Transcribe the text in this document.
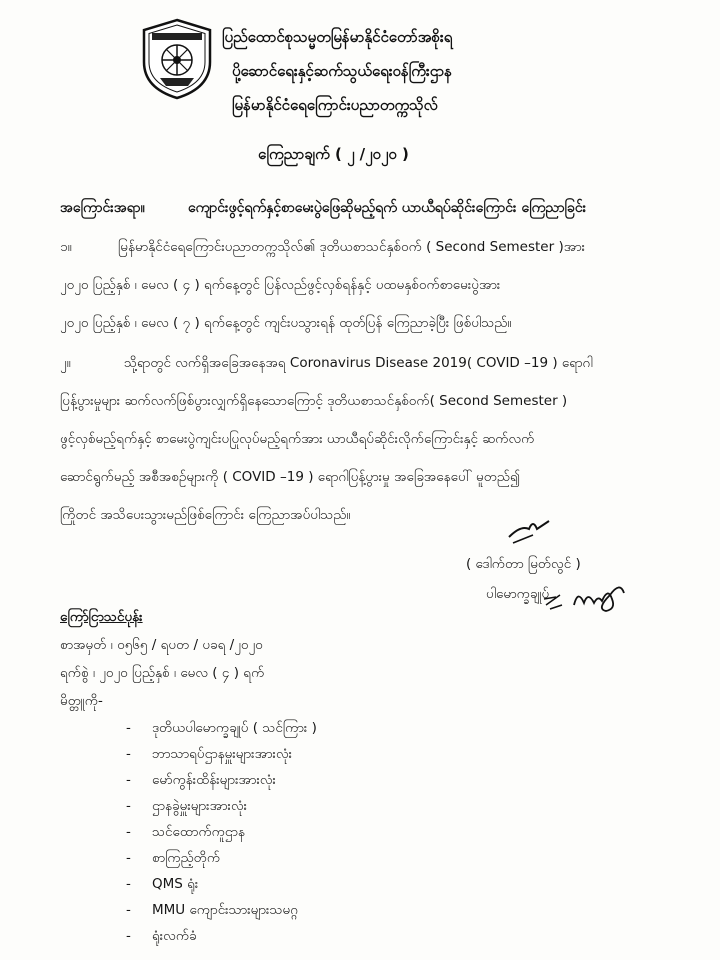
ပြည်ထောင်စုသမ္မတမြန်မာနိုင်ငံတော်အစိုးရ
ပို့ဆောင်ရေးနှင့်ဆက်သွယ်ရေးဝန်ကြီးဌာန
မြန်မာနိုင်ငံရေကြောင်းပညာတက္ကသိုလ်
ကြေညာချက် ( ၂ /၂၀၂၀ )
အကြောင်းအရာ။	ကျောင်းဖွင့်ရက်နှင့်စာမေးပွဲဖြေဆိုမည့်ရက် ယာယီရပ်ဆိုင်းကြောင်း ကြေညာခြင်း
၁။	မြန်မာနိုင်ငံရေကြောင်းပညာတက္ကသိုလ်၏ ဒုတိယစာသင်နှစ်ဝက် ( Second Semester )အား
၂၀၂၀ ပြည့်နှစ် ၊ မေလ ( ၄ ) ရက်နေ့တွင် ပြန်လည်ဖွင့်လှစ်ရန်နှင့် ပထမနှစ်ဝက်စာမေးပွဲအား
၂၀၂၀ ပြည့်နှစ် ၊ မေလ ( ၇ ) ရက်နေ့တွင် ကျင်းပသွားရန် ထုတ်ပြန် ကြေညာခဲ့ပြီး ဖြစ်ပါသည်။
၂။	သို့ရာတွင် လက်ရှိအခြေအနေအရ Coronavirus Disease 2019( COVID –19 ) ရောဂါ
ပြန့်ပွားမှုများ ဆက်လက်ဖြစ်ပွားလျှက်ရှိနေသောကြောင့် ဒုတိယစာသင်နှစ်ဝက်( Second Semester )
ဖွင့်လှစ်မည့်ရက်နှင့် စာမေးပွဲကျင်းပပြုလုပ်မည့်ရက်အား ယာယီရပ်ဆိုင်းလိုက်ကြောင်းနှင့် ဆက်လက်
ဆောင်ရွက်မည့် အစီအစဉ်များကို ( COVID –19 ) ရောဂါပြန့်ပွားမှု အခြေအနေပေါ် မူတည်၍
ကြိုတင် အသိပေးသွားမည်ဖြစ်ကြောင်း ကြေညာအပ်ပါသည်။
( ဒေါက်တာ မြတ်လွင် )
ပါမောက္ခချုပ်
ကြော်ငြာသင်ပုန်း
စာအမှတ် ၊ ၀၅၆၅ / ရပတ / ပခရ /၂၀၂၀
ရက်စွဲ ၊ ၂၀၂၀ ပြည့်နှစ် ၊ မေလ ( ၄ ) ရက်
မိတ္တူကို-
- ဒုတိယပါမောက္ခချုပ် ( သင်ကြား )
- ဘာသာရပ်ဌာနမှူးများအားလုံး
- မော်ကွန်းထိန်းများအားလုံး
- ဌာနခွဲမှူးများအားလုံး
- သင်ထောက်ကူဌာန
- စာကြည့်တိုက်
- QMS ရုံး
- MMU ကျောင်းသားများသမဂ္ဂ
- ရုံးလက်ခံ
